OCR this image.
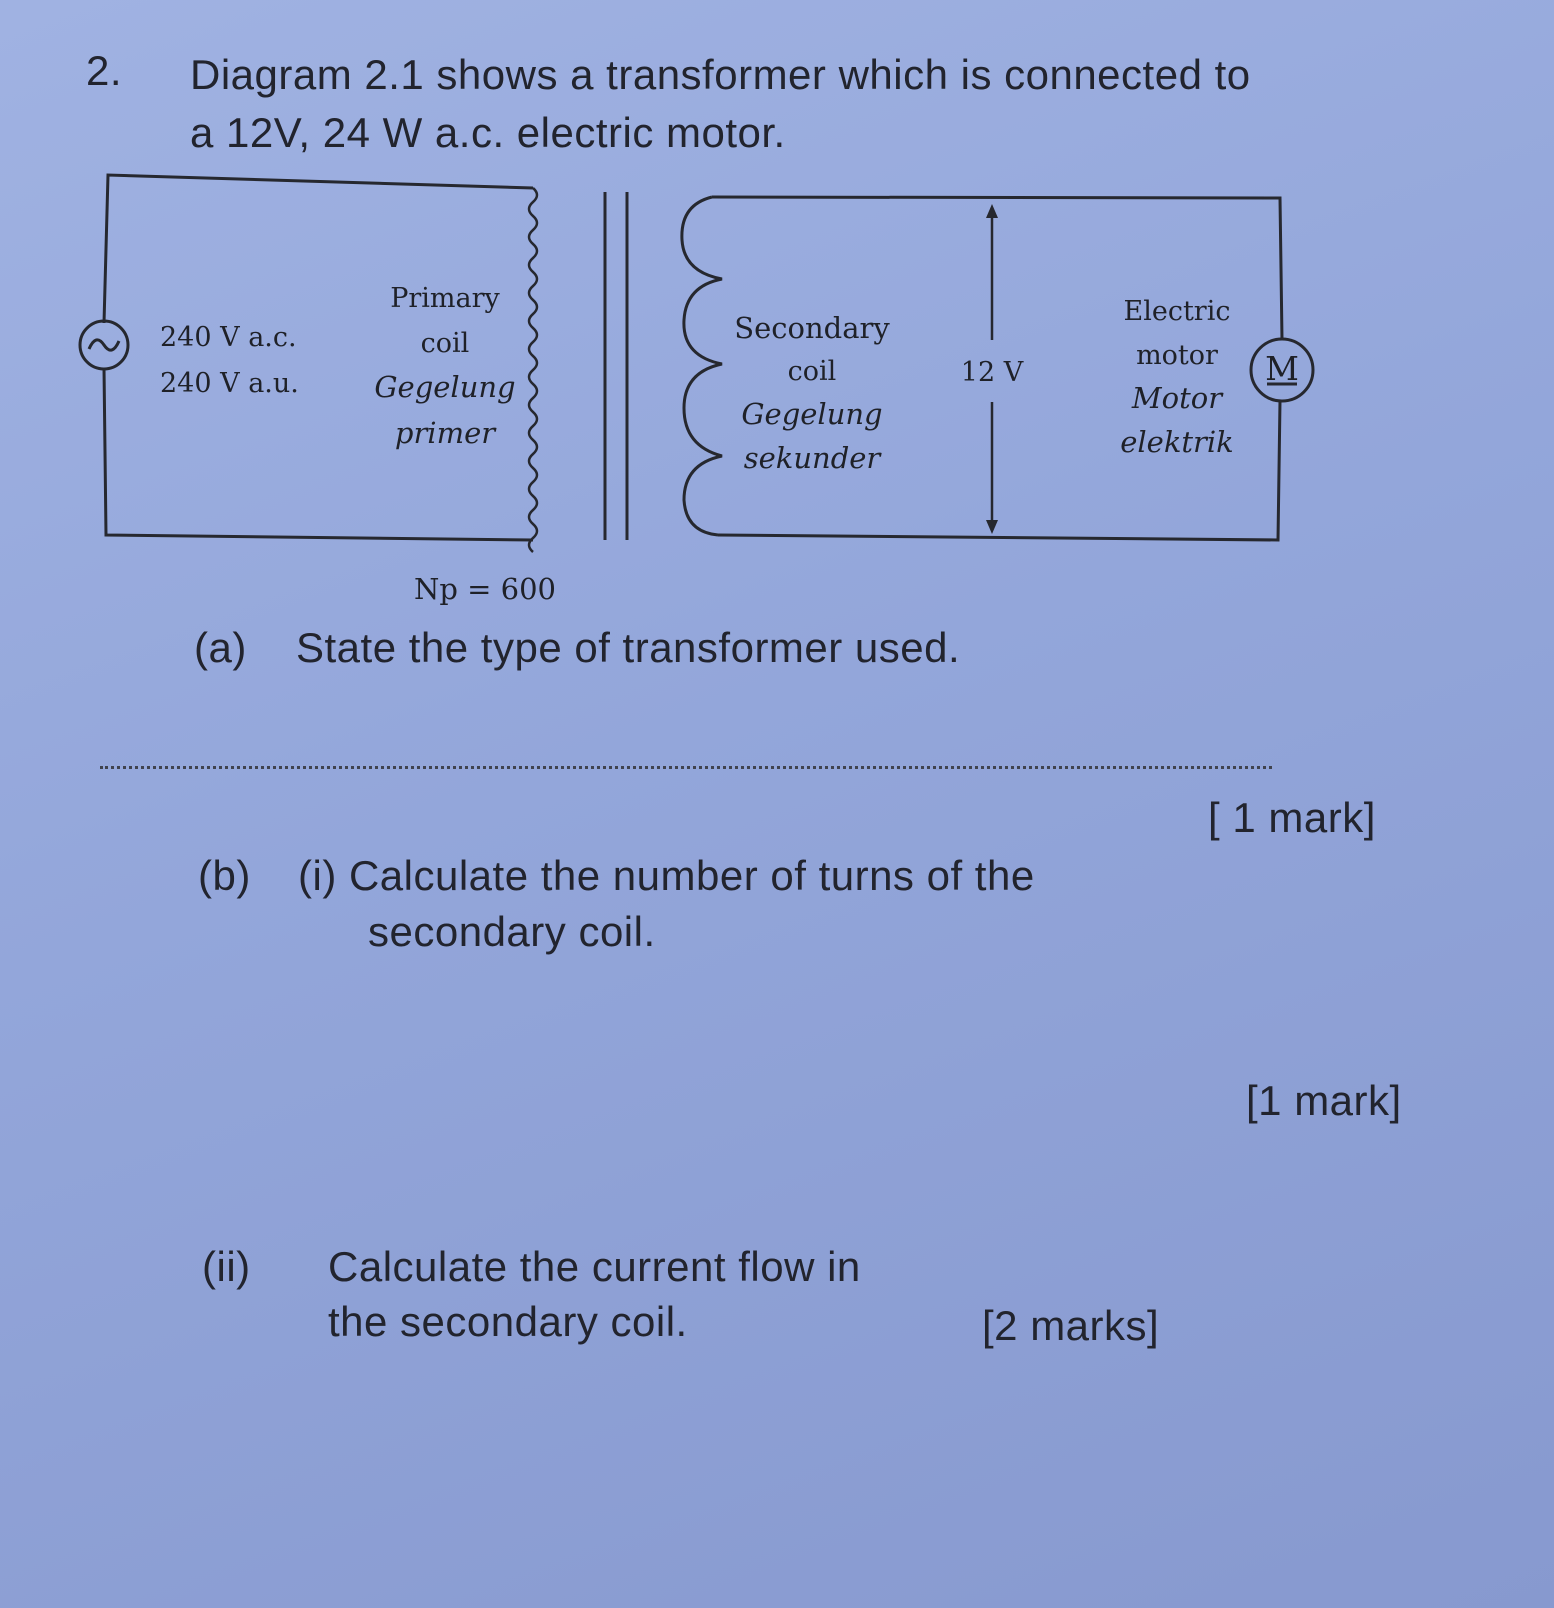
2. Diagram 2.1 shows a transformer which is connected to
a 12V, 24 W a.c. electric motor.
240 V a.c.
240 V a.u.
Primary
coil
Gegelung
primer
Secondary
coil
Gegelung
sekunder
12 V
Electric
motor
Motor
elektrik
M
Np = 600
(a) State the type of transformer used.
[ 1 mark]
(b) (i) Calculate the number of turns of the
secondary coil.
[1 mark]
(ii) Calculate the current flow in
the secondary coil.	[2 marks]
